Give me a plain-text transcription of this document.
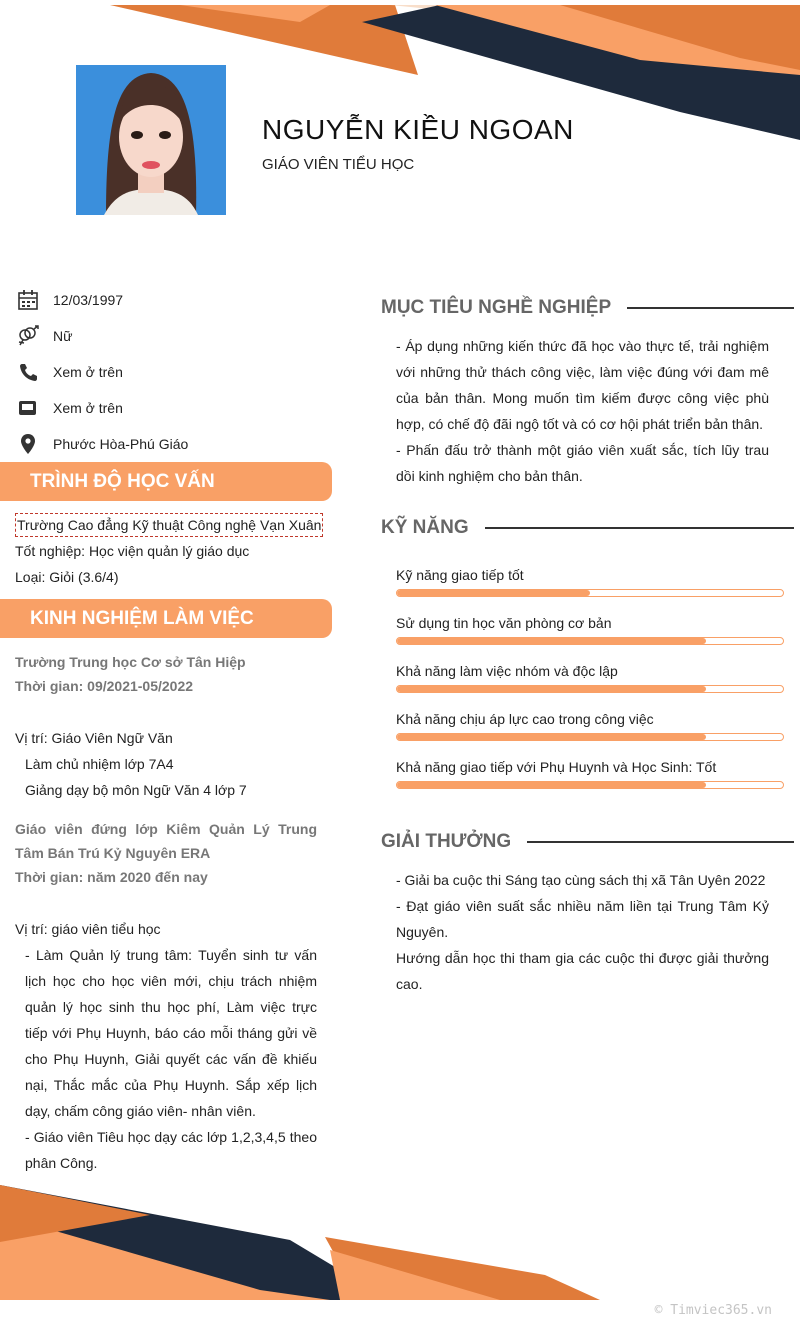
NGUYỄN KIỀU NGOAN
GIÁO VIÊN TIỂU HỌC
12/03/1997
Nữ
Xem ở trên
Xem ở trên
Phước Hòa-Phú Giáo
TRÌNH ĐỘ HỌC VẤN
Trường Cao đẳng Kỹ thuật Công nghệ Vạn Xuân
Tốt nghiệp: Học viện quản lý giáo dục
Loại: Giỏi (3.6/4)
KINH NGHIỆM LÀM VIỆC
Trường Trung học Cơ sở Tân Hiệp
Thời gian: 09/2021-05/2022
Vị trí: Giáo Viên Ngữ Văn
Làm chủ nhiệm lớp 7A4
Giảng dạy bộ môn Ngữ Văn 4 lớp 7
Giáo viên đứng lớp Kiêm Quản Lý Trung Tâm Bán Trú Kỷ Nguyên ERA
Thời gian: năm 2020 đến nay
Vị trí: giáo viên tiểu học
- Làm Quản lý trung tâm: Tuyển sinh tư vấn lịch học cho học viên mới, chịu trách nhiệm quản lý học sinh thu học phí, Làm việc trực tiếp với Phụ Huynh, báo cáo mỗi tháng gửi về cho Phụ Huynh, Giải quyết các vấn đề khiếu nại, Thắc mắc của Phụ Huynh. Sắp xếp lịch dạy, chấm công giáo viên- nhân viên.
- Giáo viên Tiêu học dạy các lớp 1,2,3,4,5 theo phân Công.
MỤC TIÊU NGHỀ NGHIỆP
- Áp dụng những kiến thức đã học vào thực tế, trải nghiệm với những thử thách công việc, làm việc đúng với đam mê của bản thân. Mong muốn tìm kiếm được công việc phù hợp, có chế độ đãi ngộ tốt và có cơ hội phát triển bản thân.
- Phấn đấu trở thành một giáo viên xuất sắc, tích lũy trau dồi kinh nghiệm cho bản thân.
KỸ NĂNG
Kỹ năng giao tiếp tốt
Sử dụng tin học văn phòng cơ bản
Khả năng làm việc nhóm và độc lập
Khả năng chịu áp lực cao trong công việc
Khả năng giao tiếp với Phụ Huynh và Học Sinh: Tốt
GIẢI THƯỞNG
- Giải ba cuộc thi Sáng tạo cùng sách thị xã Tân Uyên 2022
- Đạt giáo viên suất sắc nhiều năm liền tại Trung Tâm Kỷ Nguyên.
Hướng dẫn học thi tham gia các cuộc thi được giải thưởng cao.
© Timviec365.vn
